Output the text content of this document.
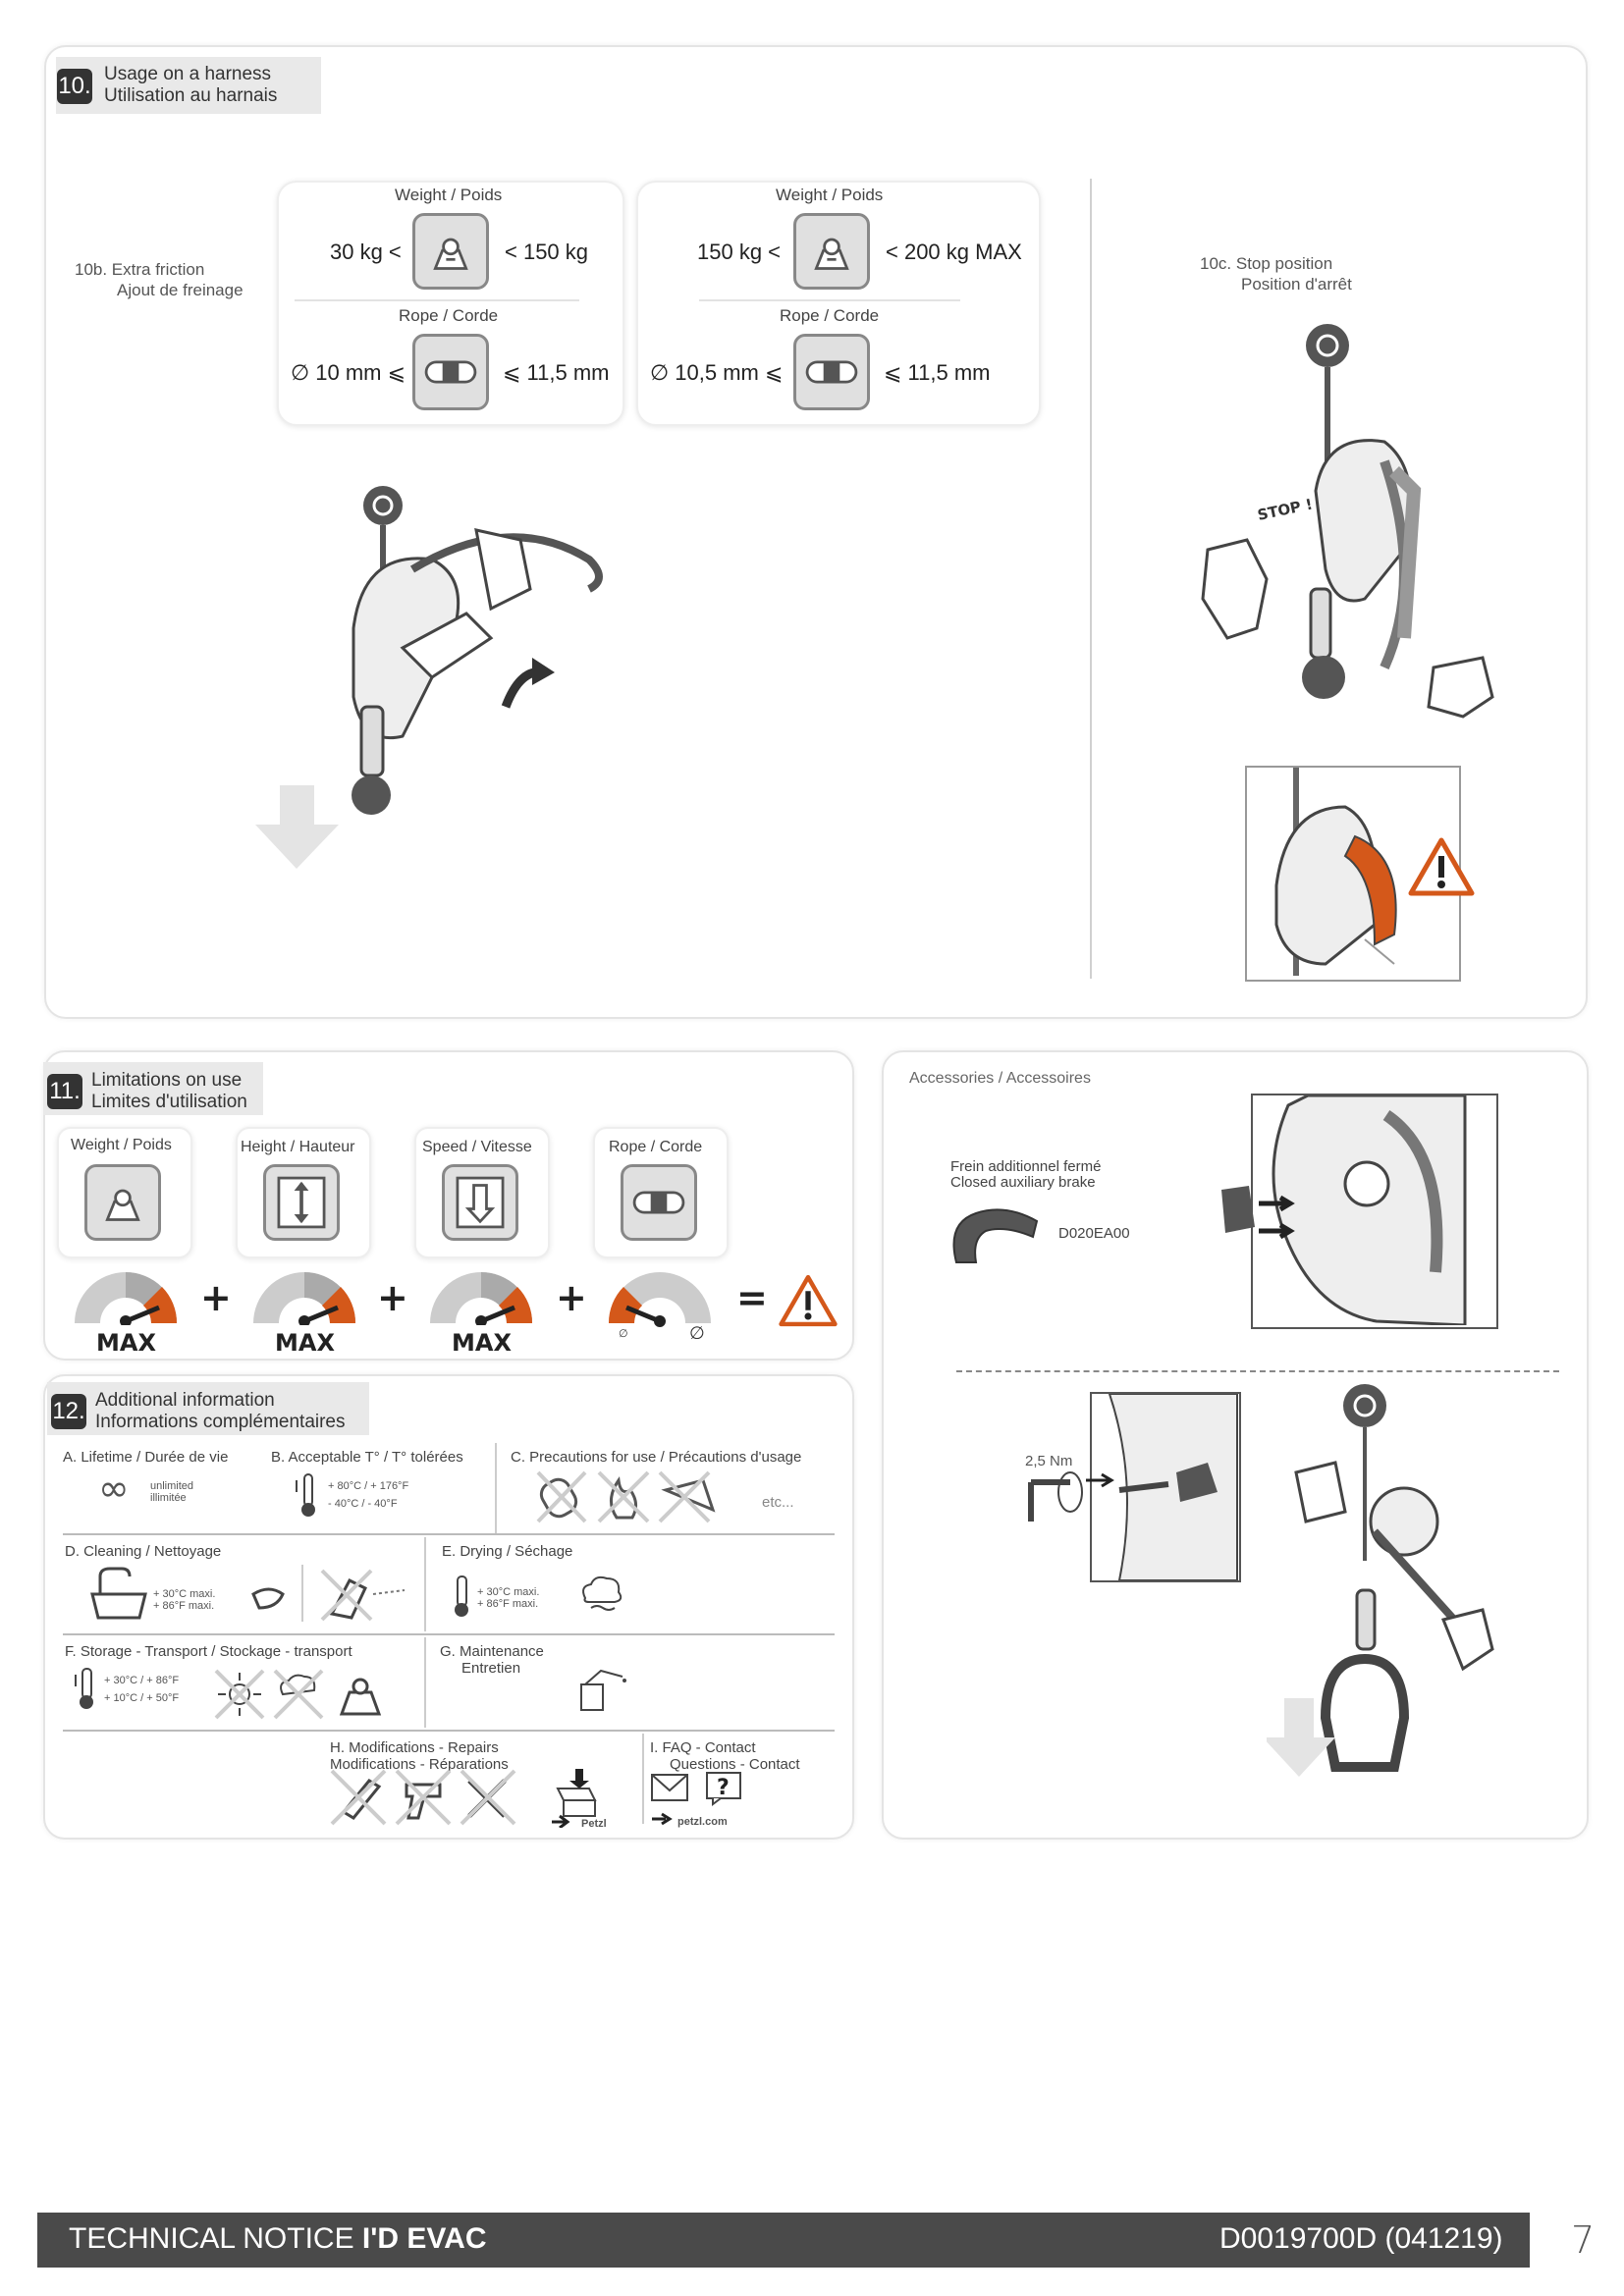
10. Usage on a harness
Utilisation au harnais
10b. Extra friction
Ajout de freinage
Weight / Poids
30 kg <	< 150 kg
Rope / Corde
∅ 10 mm ⩽	⩽ 11,5 mm
Weight / Poids
150 kg <	< 200 kg MAX
Rope / Corde
∅ 10,5 mm ⩽	⩽ 11,5 mm
10c. Stop position
Position d'arrêt
STOP !
11. Limitations on use
Limites d'utilisation
Weight / Poids	Height / Hauteur	Speed / Vitesse	Rope / Corde
MAX
+
MAX
+
MAX
+
∅	∅
=
12. Additional information
Informations complémentaires
A. Lifetime / Durée de vie
∞ unlimited
illimitée
B. Acceptable T° / T° tolérées
+ 80°C / + 176°F
- 40°C / - 40°F
C. Precautions for use / Précautions d'usage
etc...
D. Cleaning / Nettoyage
+ 30°C maxi.
+ 86°F maxi.
E. Drying / Séchage
+ 30°C maxi.
+ 86°F maxi.
F. Storage - Transport / Stockage - transport
+ 30°C / + 86°F
+ 10°C / + 50°F
G. Maintenance
Entretien
H. Modifications - Repairs
Modifications - Réparations
Petzl
I. FAQ - Contact
Questions - Contact
?
petzl.com
Accessories / Accessoires
Frein additionnel fermé
Closed auxiliary brake
D020EA00
2,5 Nm
TECHNICAL NOTICE I'D EVAC	D0019700D (041219) 7
